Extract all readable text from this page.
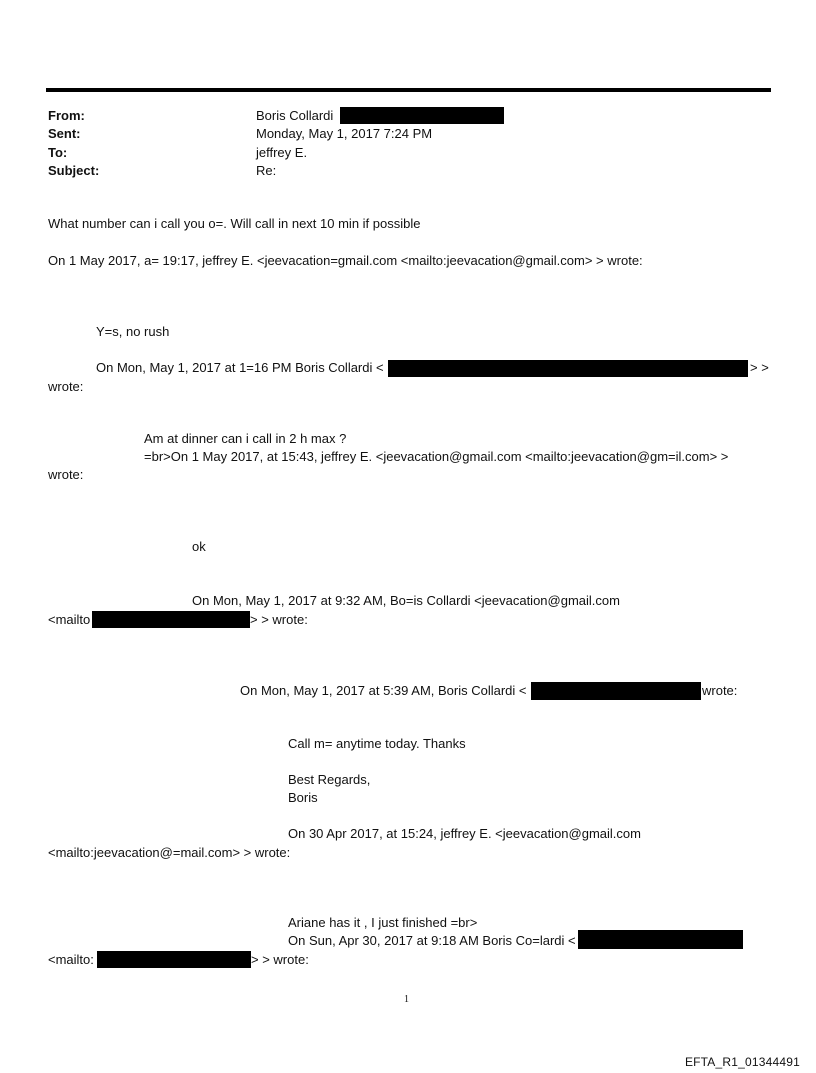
From:	Boris Collardi
Sent:	Monday, May 1, 2017 7:24 PM
To:	jeffrey E.
Subject:	Re:
What number can i call you o=. Will call in next 10 min if possible
On 1 May 2017, a= 19:17, jeffrey E. <jeevacation=gmail.com <mailto:jeevacation@gmail.com> > wrote:
Y=s, no rush
On Mon, May 1, 2017 at 1=16 PM Boris Collardi <	> >
wrote:
Am at dinner can i call in 2 h max ?
=br>On 1 May 2017, at 15:43, jeffrey E. <jeevacation@gmail.com <mailto:jeevacation@gm=il.com> >
wrote:
ok
On Mon, May 1, 2017 at 9:32 AM, Bo=is Collardi <jeevacation@gmail.com
<mailto	> > wrote:
On Mon, May 1, 2017 at 5:39 AM, Boris Collardi <	wrote:
Call m= anytime today. Thanks
Best Regards,
Boris
On 30 Apr 2017, at 15:24, jeffrey E. <jeevacation@gmail.com
<mailto:jeevacation@=mail.com> > wrote:
Ariane has it , I just finished =br>
On Sun, Apr 30, 2017 at 9:18 AM Boris Co=lardi <
<mailto:	> > wrote:
1
EFTA_R1_01344491
